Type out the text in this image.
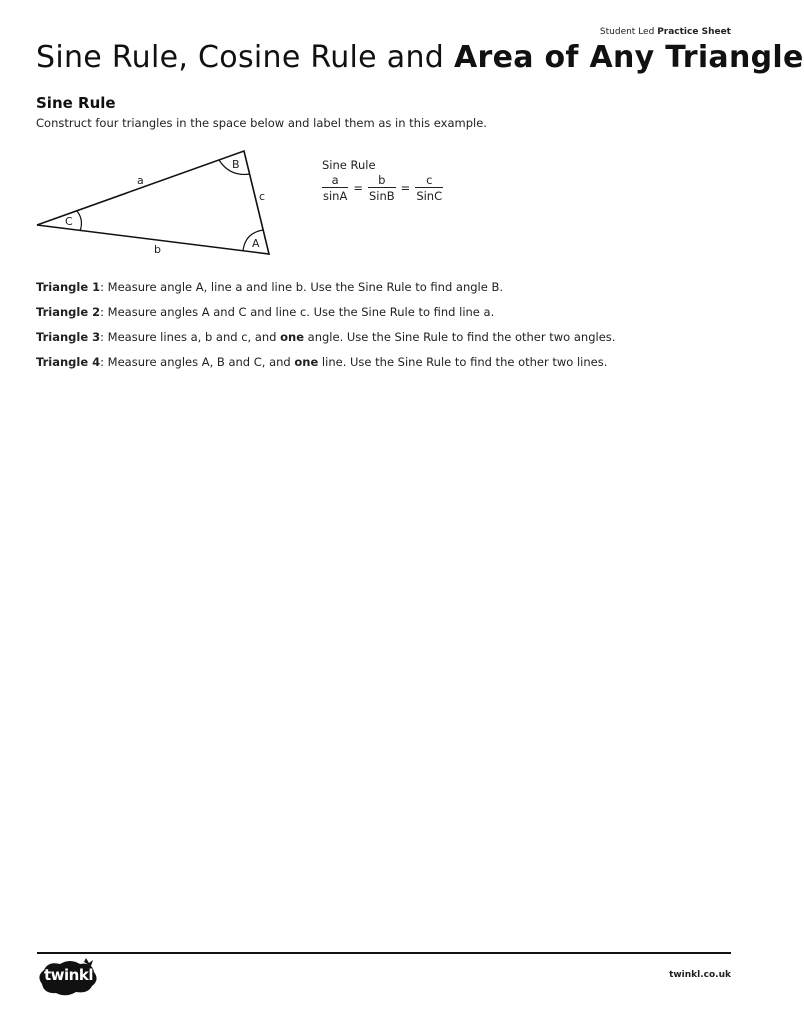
Student Led Practice Sheet
Sine Rule, Cosine Rule and Area of Any Triangle
Sine Rule
Construct four triangles in the space below and label them as in this example.
a
b
c
A
B
C
Sine Rule
$\frac{a}{\sin A} = \frac{b}{\text{SinB}} = \frac{c}{\text{SinC}}$
Triangle 1: Measure angle A, line a and line b. Use the Sine Rule to find angle B.
Triangle 2: Measure angles A and C and line c. Use the Sine Rule to find line a.
Triangle 3: Measure lines a, b and c, and one angle. Use the Sine Rule to find the other two angles.
Triangle 4: Measure angles A, B and C, and one line. Use the Sine Rule to find the other two lines.
twinkl	twinkl.co.uk
